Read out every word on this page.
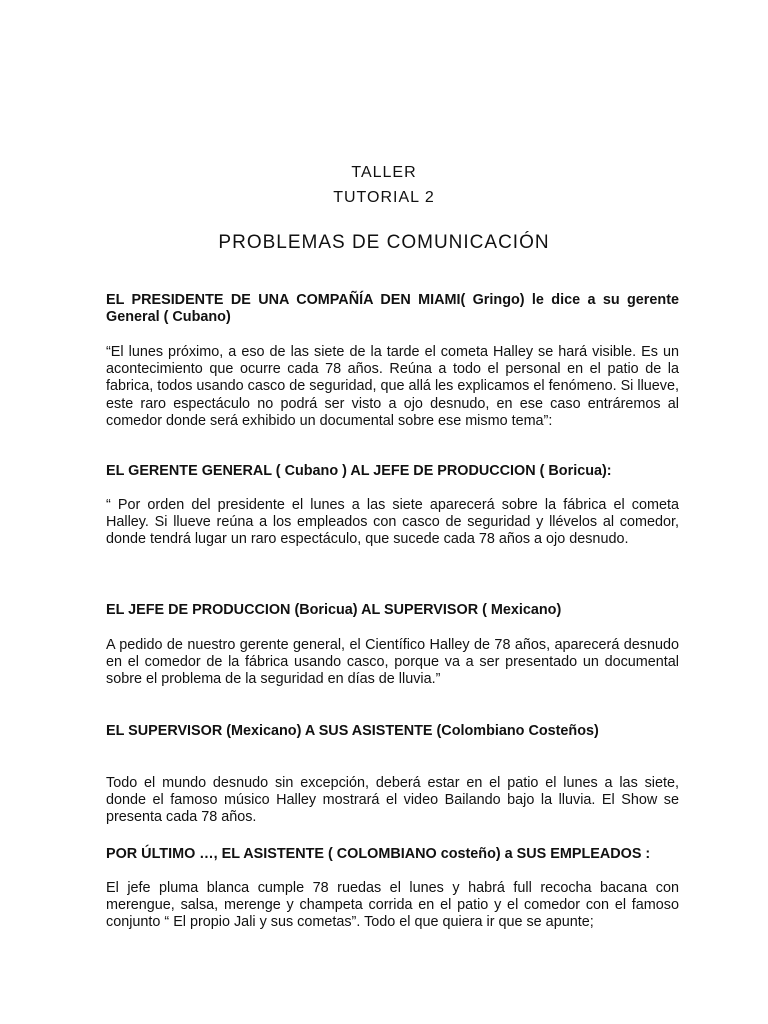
TALLER
TUTORIAL 2
PROBLEMAS DE COMUNICACIÓN
EL PRESIDENTE DE UNA COMPAÑÍA DEN MIAMI( Gringo) le dice a su gerente General ( Cubano)
“El lunes próximo, a eso de las siete de la tarde el cometa Halley se hará visible. Es un acontecimiento que ocurre cada 78 años. Reúna a todo el personal en el patio de la fabrica, todos usando casco de seguridad, que allá les explicamos el fenómeno. Si llueve, este raro espectáculo no podrá ser visto a ojo desnudo, en ese caso entráremos al comedor donde será exhibido un documental sobre ese mismo tema”:
EL GERENTE GENERAL ( Cubano ) AL JEFE DE PRODUCCION ( Boricua):
“ Por orden del presidente el lunes a las siete aparecerá sobre la fábrica el cometa Halley. Si llueve reúna a los empleados con casco de seguridad y llévelos al comedor, donde tendrá lugar un raro espectáculo, que sucede cada 78 años a ojo desnudo.
EL JEFE DE PRODUCCION (Boricua) AL SUPERVISOR ( Mexicano)
A pedido de nuestro gerente general, el Científico Halley de 78 años, aparecerá desnudo en el comedor de la fábrica usando casco, porque va a ser presentado un documental sobre el problema de la seguridad en días de lluvia.”
EL SUPERVISOR (Mexicano) A SUS ASISTENTE (Colombiano Costeños)
Todo el mundo desnudo sin excepción, deberá estar en el patio el lunes a las siete, donde el famoso músico Halley mostrará el video Bailando bajo la lluvia. El Show se presenta cada 78 años.
POR ÚLTIMO …, EL ASISTENTE ( COLOMBIANO costeño) a SUS EMPLEADOS :
El jefe pluma blanca cumple 78 ruedas el lunes y habrá full recocha bacana con merengue, salsa, merenge y champeta corrida en el patio y el comedor con el famoso conjunto “ El propio Jali y sus cometas”. Todo el que quiera ir que se apunte;
